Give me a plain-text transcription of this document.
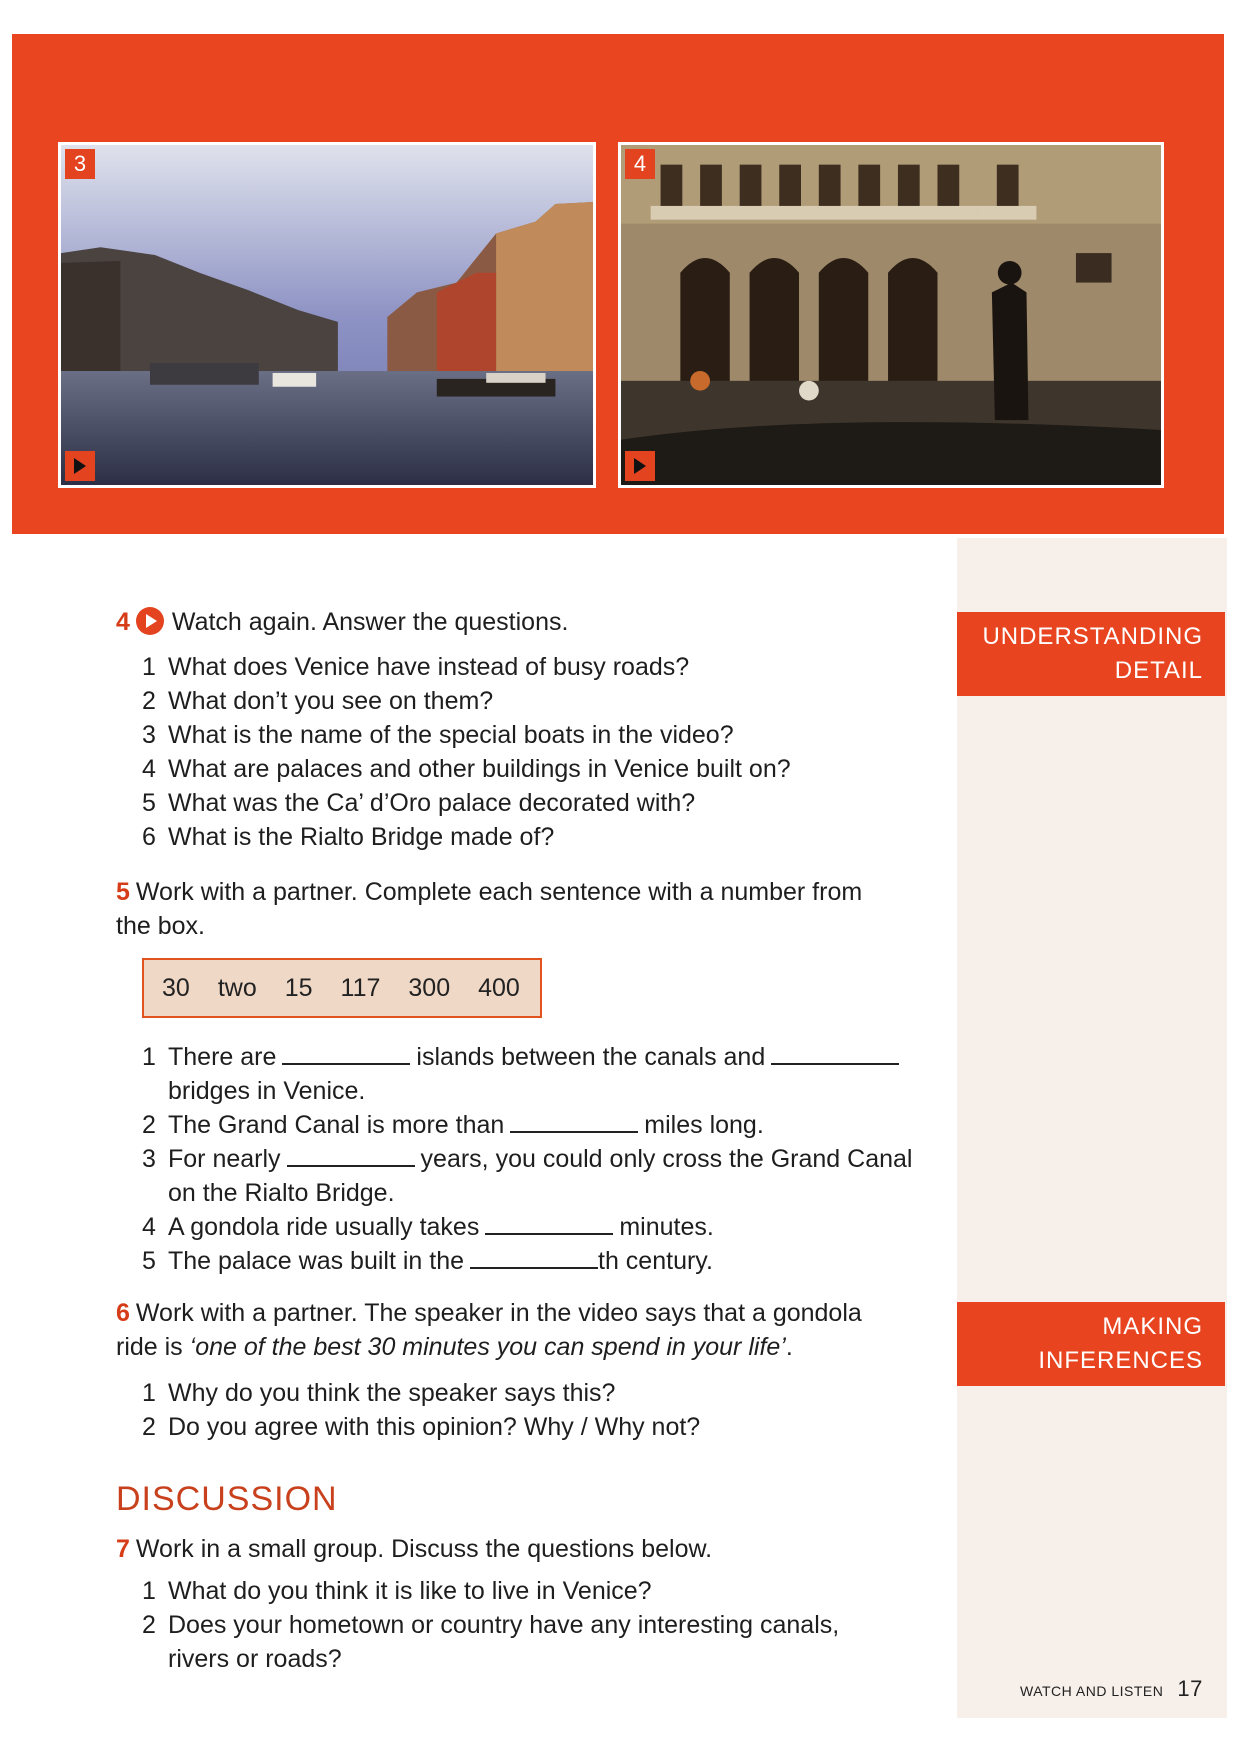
3	4
4 Watch again. Answer the questions.
1 What does Venice have instead of busy roads?
2 What don’t you see on them?
3 What is the name of the special boats in the video?
4 What are palaces and other buildings in Venice built on?
5 What was the Ca’ d’Oro palace decorated with?
6 What is the Rialto Bridge made of?
UNDERSTANDING
DETAIL
5 Work with a partner. Complete each sentence with a number from
the box.
30 two 15 117 300 400
1 There are	islands between the canals and
bridges in Venice.
2 The Grand Canal is more than	miles long.
3 For nearly	years, you could only cross the Grand Canal
on the Rialto Bridge.
4 A gondola ride usually takes	minutes.
5 The palace was built in the	th century.
6 Work with a partner. The speaker in the video says that a gondola
ride is ‘one of the best 30 minutes you can spend in your life’.
1 Why do you think the speaker says this?
2 Do you agree with this opinion? Why / Why not?
MAKING
INFERENCES
DISCUSSION
7 Work in a small group. Discuss the questions below.
1 What do you think it is like to live in Venice?
2 Does your hometown or country have any interesting canals,
rivers or roads?
WATCH AND LISTEN 17
